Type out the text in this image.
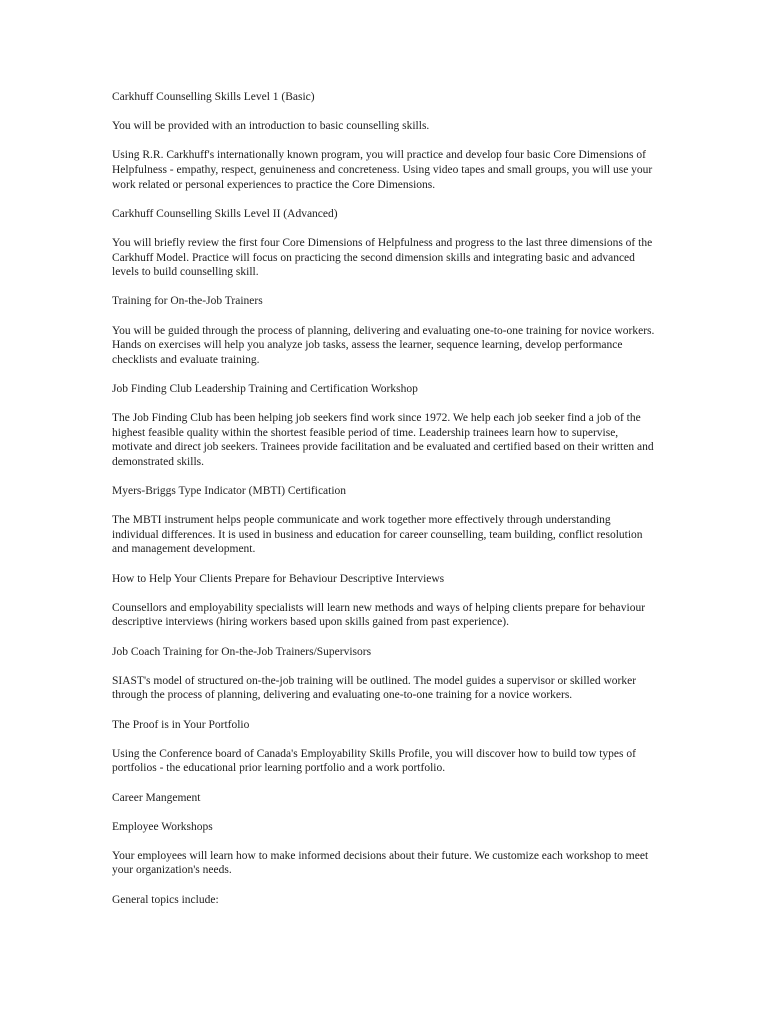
Carkhuff Counselling Skills Level 1 (Basic)

You will be provided with an introduction to basic counselling skills.

Using R.R. Carkhuff's internationally known program, you will practice and develop four basic Core Dimensions of Helpfulness - empathy, respect, genuineness and concreteness. Using video tapes and small groups, you will use your work related or personal experiences to practice the Core Dimensions.

Carkhuff Counselling Skills Level II (Advanced)

You will briefly review the first four Core Dimensions of Helpfulness and progress to the last three dimensions of the Carkhuff Model. Practice will focus on practicing the second dimension skills and integrating basic and advanced levels to build counselling skill.

Training for On-the-Job Trainers

You will be guided through the process of planning, delivering and evaluating one-to-one training for novice workers. Hands on exercises will help you analyze job tasks, assess the learner, sequence learning, develop performance checklists and evaluate training.

Job Finding Club Leadership Training and Certification Workshop

The Job Finding Club has been helping job seekers find work since 1972. We help each job seeker find a job of the highest feasible quality within the shortest feasible period of time. Leadership trainees learn how to supervise, motivate and direct job seekers. Trainees provide facilitation and be evaluated and certified based on their written and demonstrated skills.

Myers-Briggs Type Indicator (MBTI) Certification

The MBTI instrument helps people communicate and work together more effectively through understanding individual differences. It is used in business and education for career counselling, team building, conflict resolution and management development.

How to Help Your Clients Prepare for Behaviour Descriptive Interviews

Counsellors and employability specialists will learn new methods and ways of helping clients prepare for behaviour descriptive interviews (hiring workers based upon skills gained from past experience).

Job Coach Training for On-the-Job Trainers/Supervisors

SIAST's model of structured on-the-job training will be outlined. The model guides a supervisor or skilled worker through the process of planning, delivering and evaluating one-to-one training for a novice workers.

The Proof is in Your Portfolio

Using the Conference board of Canada's Employability Skills Profile, you will discover how to build tow types of portfolios - the educational prior learning portfolio and a work portfolio.

Career Mangement

Employee Workshops

Your employees will learn how to make informed decisions about their future. We customize each workshop to meet your organization's needs.

General topics include:
